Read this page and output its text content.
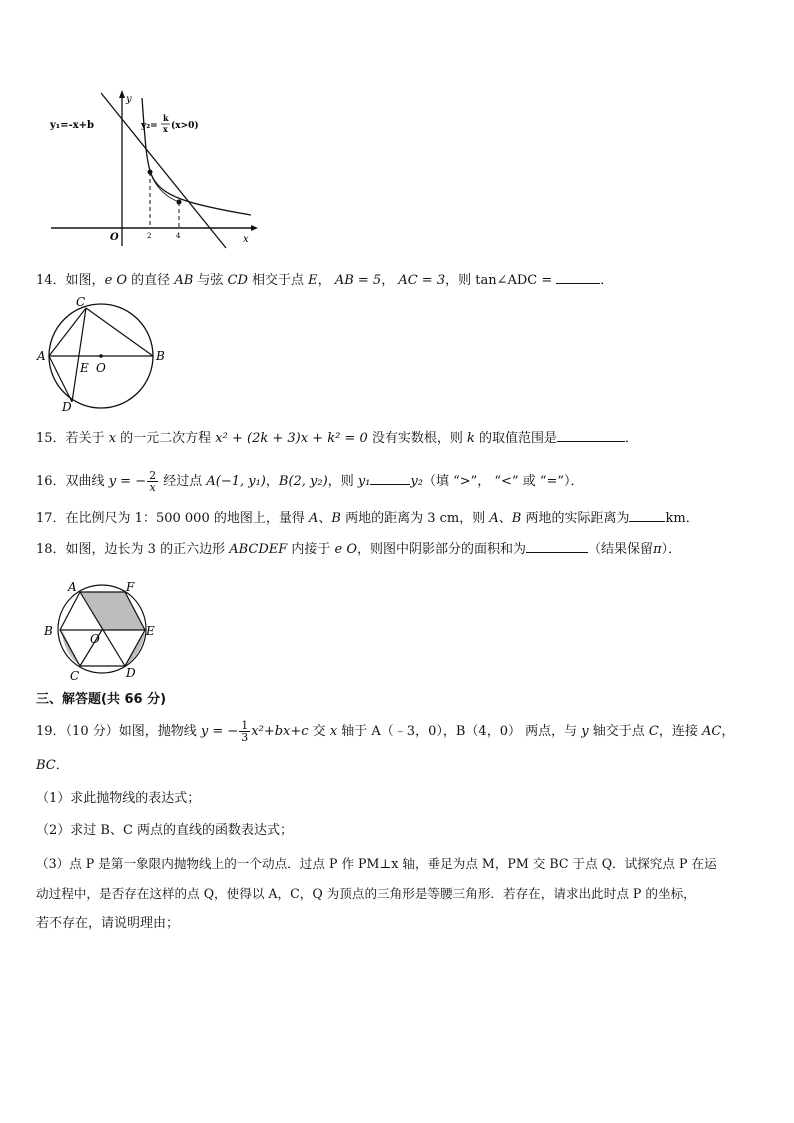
y₁=-x+b	y₂=
k
x (x>0)
y
x
O	2	4
14．如图，e O 的直径 AB 与弦 CD 相交于点 E， AB = 5， AC = 3，则 tan∠ADC =	．
A	B
C
D
E O
15．若关于 x 的一元二次方程 x² + (2k + 3)x + k² = 0 没有实数根，则 k 的取值范围是	．
16．双曲线 y = − $\frac{2}{x}$ 经过点 A(−1, y₁)，B(2, y₂)，则 y₁	y₂（填 “>”， “<” 或 “=”）．
17．在比例尺为 1：500 000 的地图上，量得 A、B 两地的距离为 3 cm，则 A、B 两地的实际距离为	km．
18．如图，边长为 3 的正六边形 ABCDEF 内接于 e O，则图中阴影部分的面积和为	（结果保留π）．
A	F
B	E
O
C	D
三、解答题(共 66 分)
19．（10 分）如图，抛物线 y = − $\frac{1}{3} x^2+bx+c$ 交 x 轴于 A（﹣3，0），B（4，0） 两点，与 y 轴交于点 C，连接 AC，
BC．
（1）求此抛物线的表达式；
（2）求过 B、C 两点的直线的函数表达式；
（3）点 P 是第一象限内抛物线上的一个动点．过点 P 作 PM⊥x 轴，垂足为点 M，PM 交 BC 于点 Q．试探究点 P 在运
动过程中，是否存在这样的点 Q，使得以 A，C，Q 为顶点的三角形是等腰三角形．若存在，请求出此时点 P 的坐标，
若不存在，请说明理由；
